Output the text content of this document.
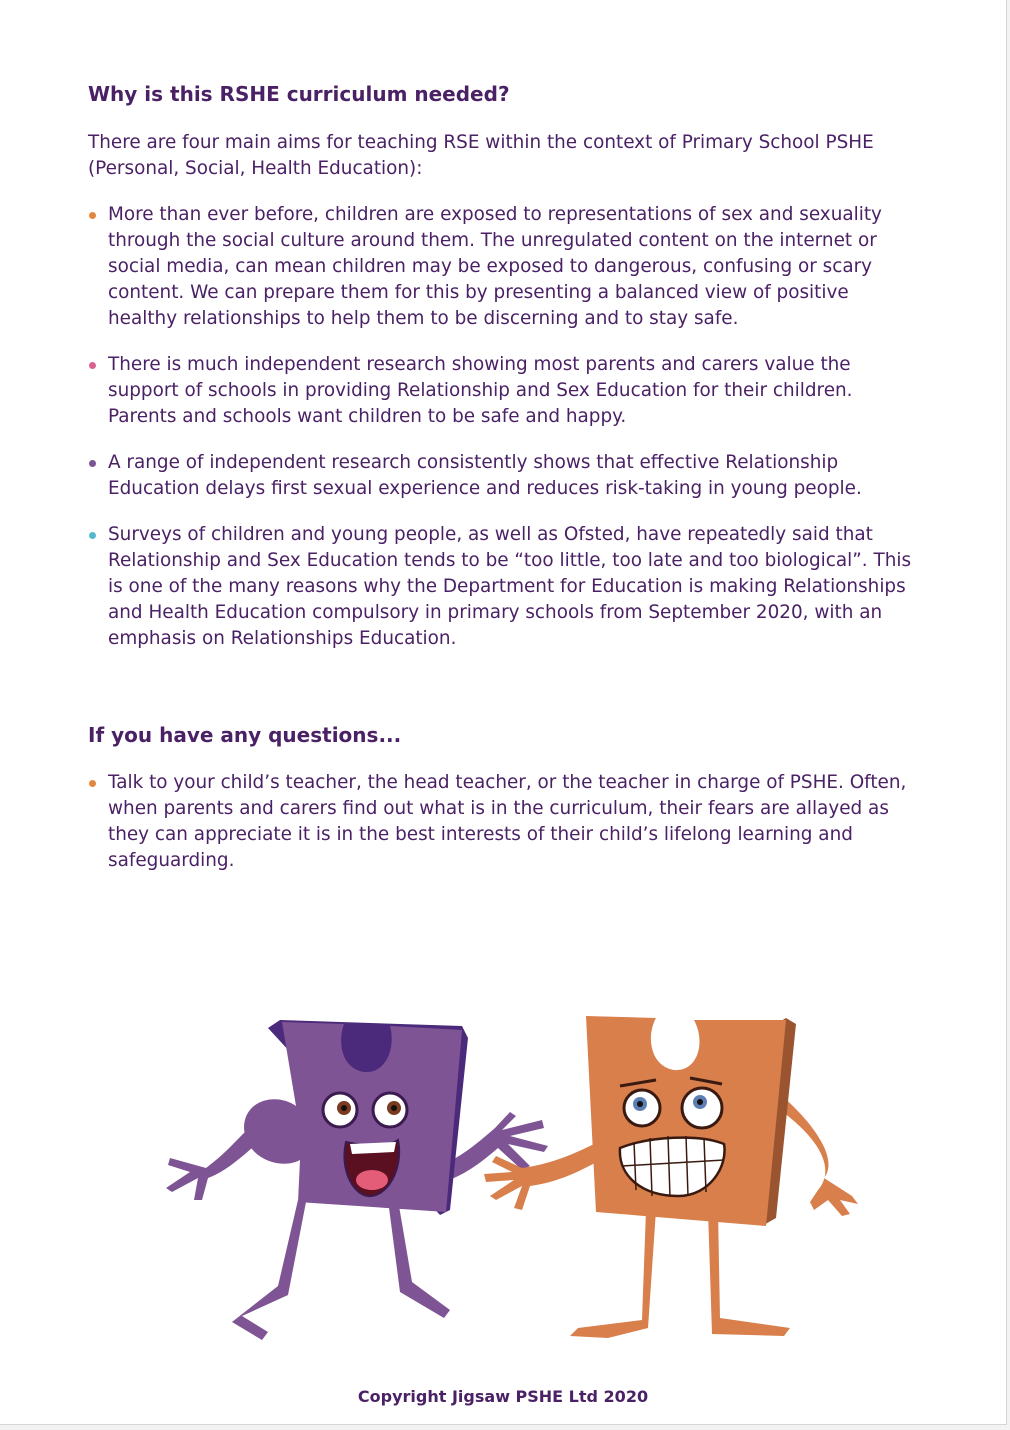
Why is this RSHE curriculum needed?

There are four main aims for teaching RSE within the context of Primary School PSHE (Personal, Social, Health Education):

More than ever before, children are exposed to representations of sex and sexuality through the social culture around them. The unregulated content on the internet or social media, can mean children may be exposed to dangerous, confusing or scary content. We can prepare them for this by presenting a balanced view of positive healthy relationships to help them to be discerning and to stay safe.
There is much independent research showing most parents and carers value the support of schools in providing Relationship and Sex Education for their children. Parents and schools want children to be safe and happy.
A range of independent research consistently shows that effective Relationship Education delays first sexual experience and reduces risk-taking in young people.
Surveys of children and young people, as well as Ofsted, have repeatedly said that Relationship and Sex Education tends to be “too little, too late and too biological”. This is one of the many reasons why the Department for Education is making Relationships and Health Education compulsory in primary schools from September 2020, with an emphasis on Relationships Education.
If you have any questions...
Talk to your child’s teacher, the head teacher, or the teacher in charge of PSHE. Often, when parents and carers find out what is in the curriculum, their fears are allayed as they can appreciate it is in the best interests of their child’s lifelong learning and safeguarding.

Copyright Jigsaw PSHE Ltd 2020
